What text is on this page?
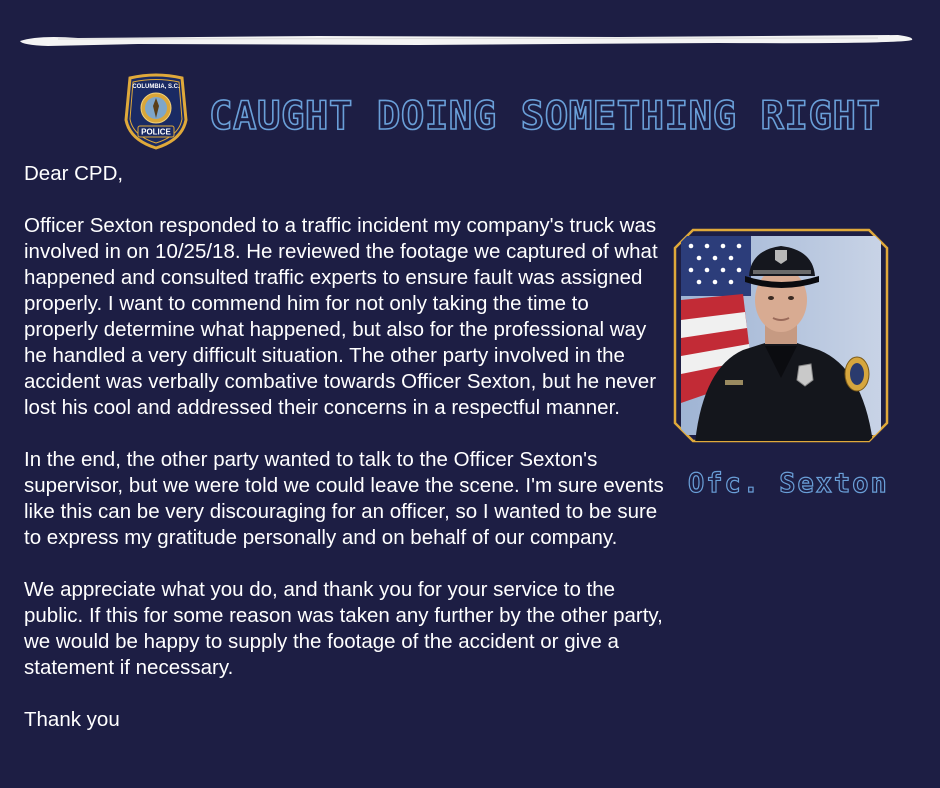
POLICE
COLUMBIA, S.C.
CAUGHT DOING SOMETHING RIGHT

Dear CPD,

Officer Sexton responded to a traffic incident my company's truck was involved in on 10/25/18. He reviewed the footage we captured of what happened and consulted traffic experts to ensure fault was assigned properly. I want to commend him for not only taking the time to properly determine what happened, but also for the professional way he handled a very difficult situation. The other party involved in the accident was verbally combative towards Officer Sexton, but he never lost his cool and addressed their concerns in a respectful manner.

In the end, the other party wanted to talk to the Officer Sexton's supervisor, but we were told we could leave the scene. I'm sure events like this can be very discouraging for an officer, so I wanted to be sure to express my gratitude personally and on behalf of our company.

We appreciate what you do, and thank you for your service to the public. If this for some reason was taken any further by the other party, we would be happy to supply the footage of the accident or give a statement if necessary.

Thank you

Ofc. Sexton
